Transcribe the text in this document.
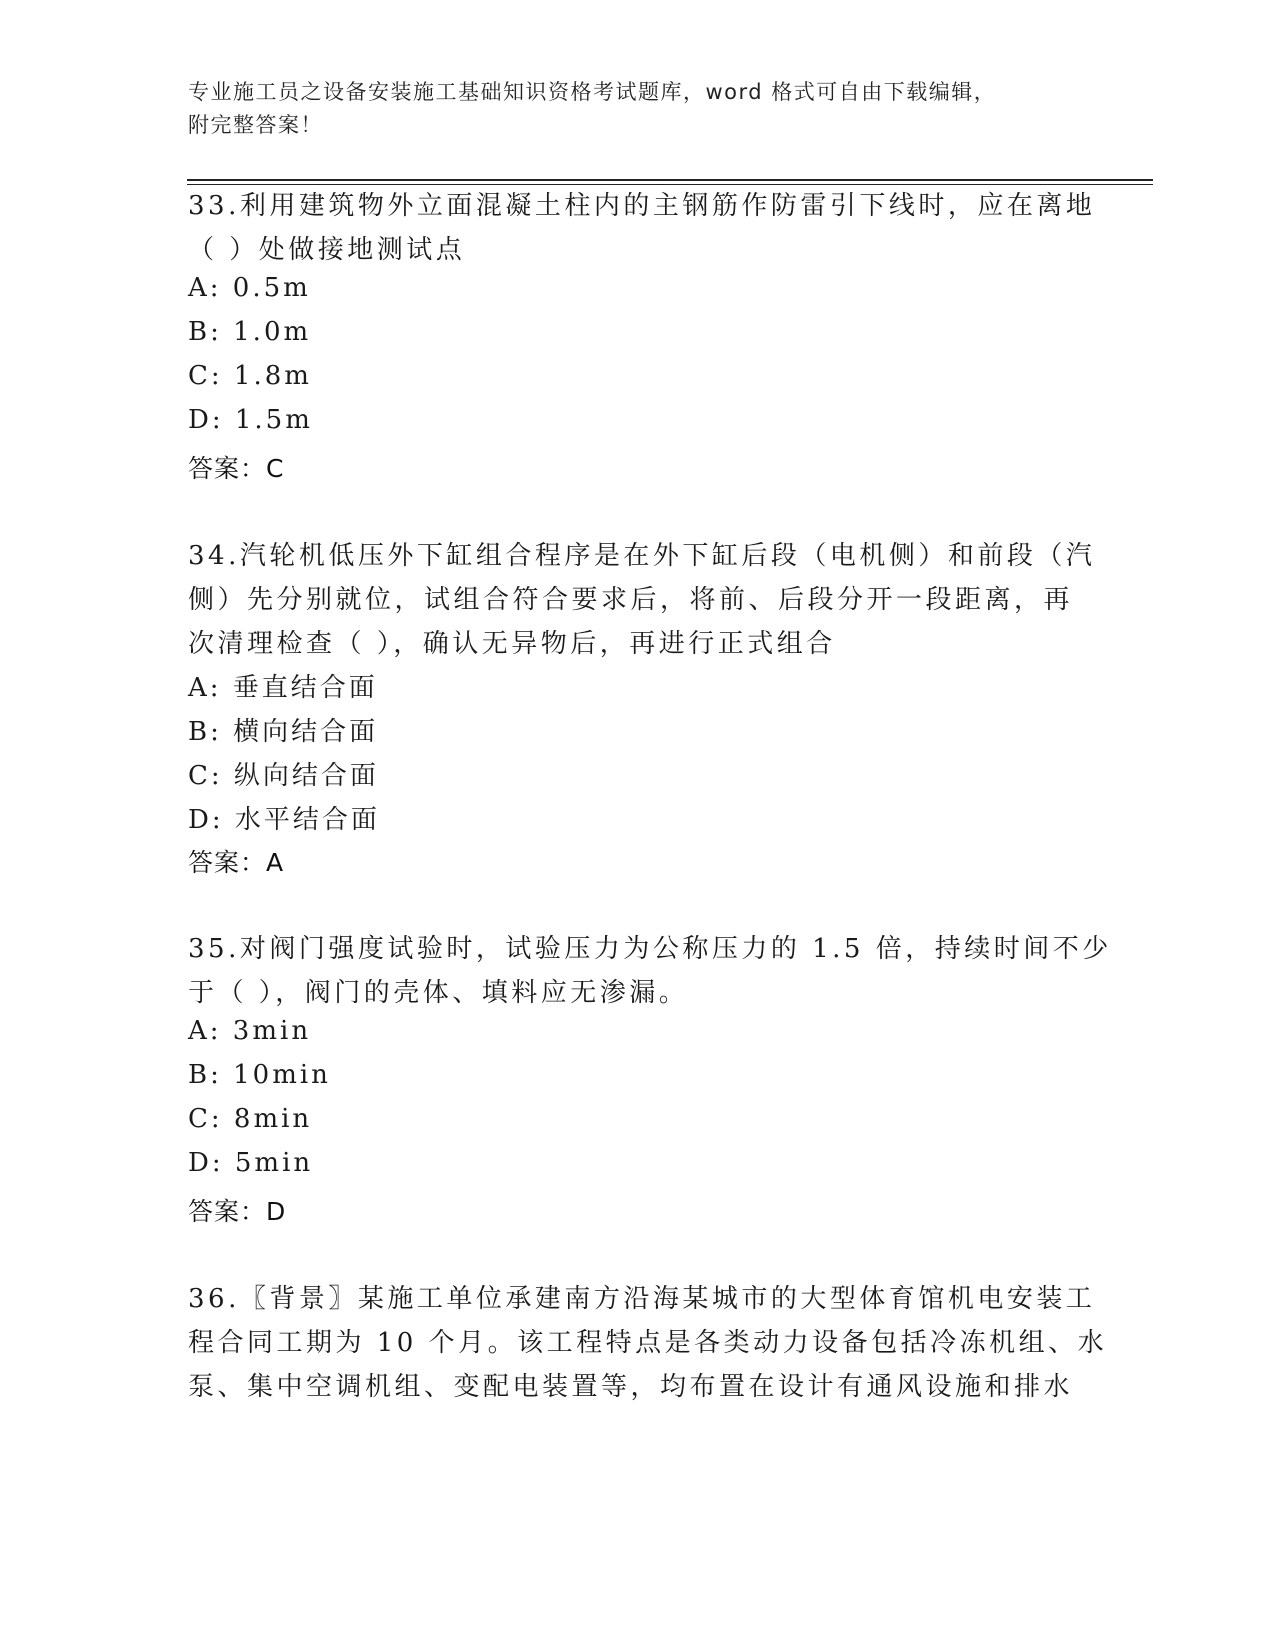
专业施工员之设备安装施工基础知识资格考试题库，word 格式可自由下载编辑，
附完整答案！
33.利用建筑物外立面混凝土柱内的主钢筋作防雷引下线时，应在离地
（ ）处做接地测试点
A: 0.5m
B: 1.0m
C: 1.8m
D: 1.5m
答案：C
34.汽轮机低压外下缸组合程序是在外下缸后段（电机侧）和前段（汽
侧）先分别就位，试组合符合要求后，将前、后段分开一段距离，再
次清理检查（ ），确认无异物后，再进行正式组合
A: 垂直结合面
B: 横向结合面
C: 纵向结合面
D: 水平结合面
答案：A
35.对阀门强度试验时，试验压力为公称压力的 1.5 倍，持续时间不少
于（ ），阀门的壳体、填料应无渗漏。
A: 3min
B: 10min
C: 8min
D: 5min
答案：D
36.〖背景〗某施工单位承建南方沿海某城市的大型体育馆机电安装工
程合同工期为 10 个月。该工程特点是各类动力设备包括冷冻机组、水
泵、集中空调机组、变配电装置等，均布置在设计有通风设施和排水
